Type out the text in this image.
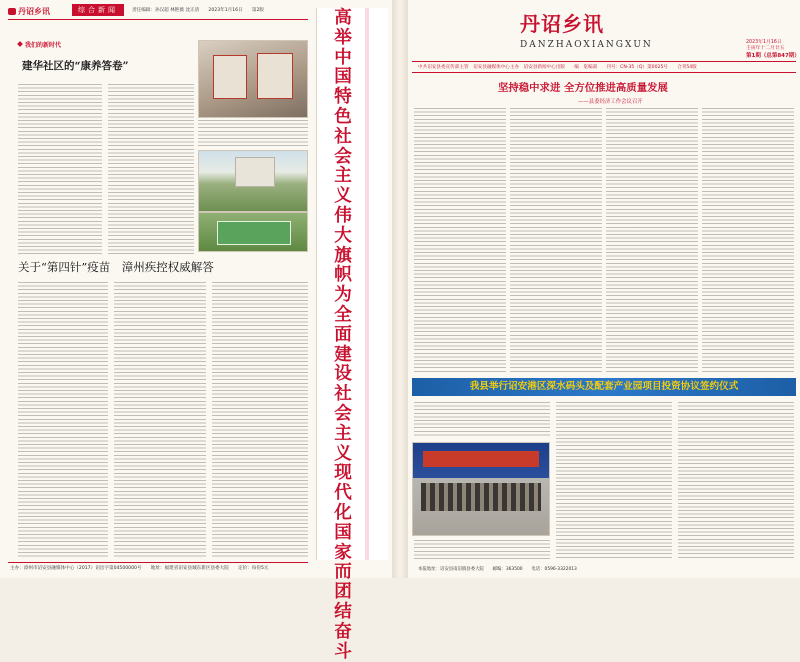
丹诏乡讯	综合新闻	责任编辑：孙汉超 林艳薇 沈正清　　2023年1月16日　　第2版
我们的新时代
建华社区的“康养答卷”
关于“第四针”疫苗　漳州疾控权威解答
主办：漳州市诏安县融媒体中心（2017）诏出字第04500000号　　地址：福建省诏安县城东新区县委大院　　定价：每份5元
高举中国特色社会主义伟大旗帜　为全面建设社会主义现代化国家而团结奋斗
丹诏乡讯
DANZHAOXIANGXUN	2023年1月16日
壬寅年十二月廿五
第1期（总第847期）
中共诏安县委宣传部主管　诏安县融媒体中心主办　诏安县新闻中心出版　　编　览编部　　刊号：CN-35（Q）第0025号　　合刊54版
坚持稳中求进 全方位推进高质量发展
——县委经济工作会议召开
我县举行诏安港区深水码头及配套产业园项目投资协议签约仪式
本报地址：诏安县南诏镇县委大院　　邮编：363500　　电话：0596-3322013
